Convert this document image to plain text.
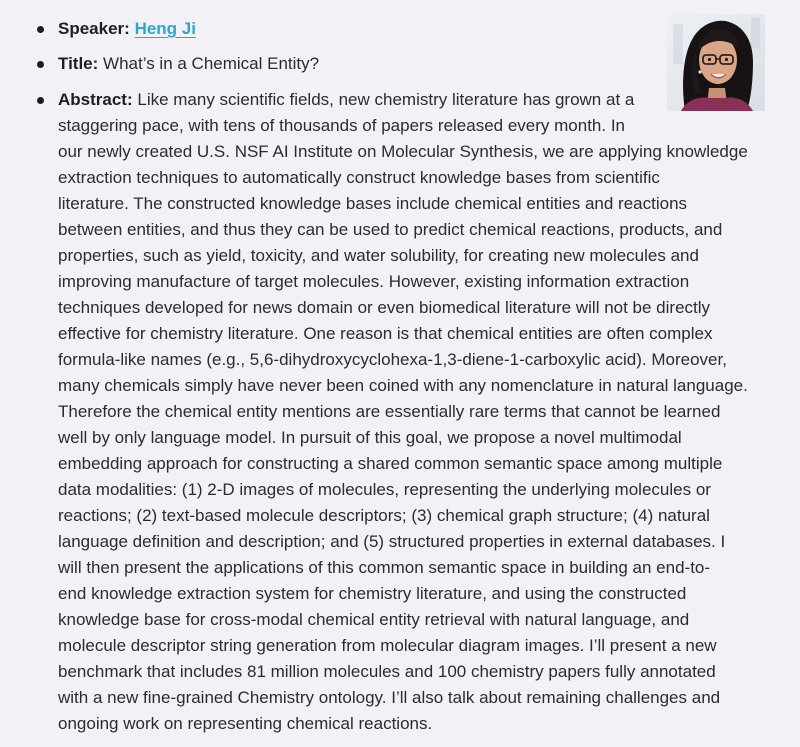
Speaker: Heng Ji
Title: What’s in a Chemical Entity?
Abstract: Like many scientific fields, new chemistry literature has grown at a
staggering pace, with tens of thousands of papers released every month. In
our newly created U.S. NSF AI Institute on Molecular Synthesis, we are applying knowledge
extraction techniques to automatically construct knowledge bases from scientific
literature. The constructed knowledge bases include chemical entities and reactions
between entities, and thus they can be used to predict chemical reactions, products, and
properties, such as yield, toxicity, and water solubility, for creating new molecules and
improving manufacture of target molecules. However, existing information extraction
techniques developed for news domain or even biomedical literature will not be directly
effective for chemistry literature. One reason is that chemical entities are often complex
formula-like names (e.g., 5,6-dihydroxycyclohexa-1,3-diene-1-carboxylic acid). Moreover,
many chemicals simply have never been coined with any nomenclature in natural language.
Therefore the chemical entity mentions are essentially rare terms that cannot be learned
well by only language model. In pursuit of this goal, we propose a novel multimodal
embedding approach for constructing a shared common semantic space among multiple
data modalities: (1) 2-D images of molecules, representing the underlying molecules or
reactions; (2) text-based molecule descriptors; (3) chemical graph structure; (4) natural
language definition and description; and (5) structured properties in external databases. I
will then present the applications of this common semantic space in building an end-to-
end knowledge extraction system for chemistry literature, and using the constructed
knowledge base for cross-modal chemical entity retrieval with natural language, and
molecule descriptor string generation from molecular diagram images. I’ll present a new
benchmark that includes 81 million molecules and 100 chemistry papers fully annotated
with a new fine-grained Chemistry ontology. I’ll also talk about remaining challenges and
ongoing work on representing chemical reactions.
